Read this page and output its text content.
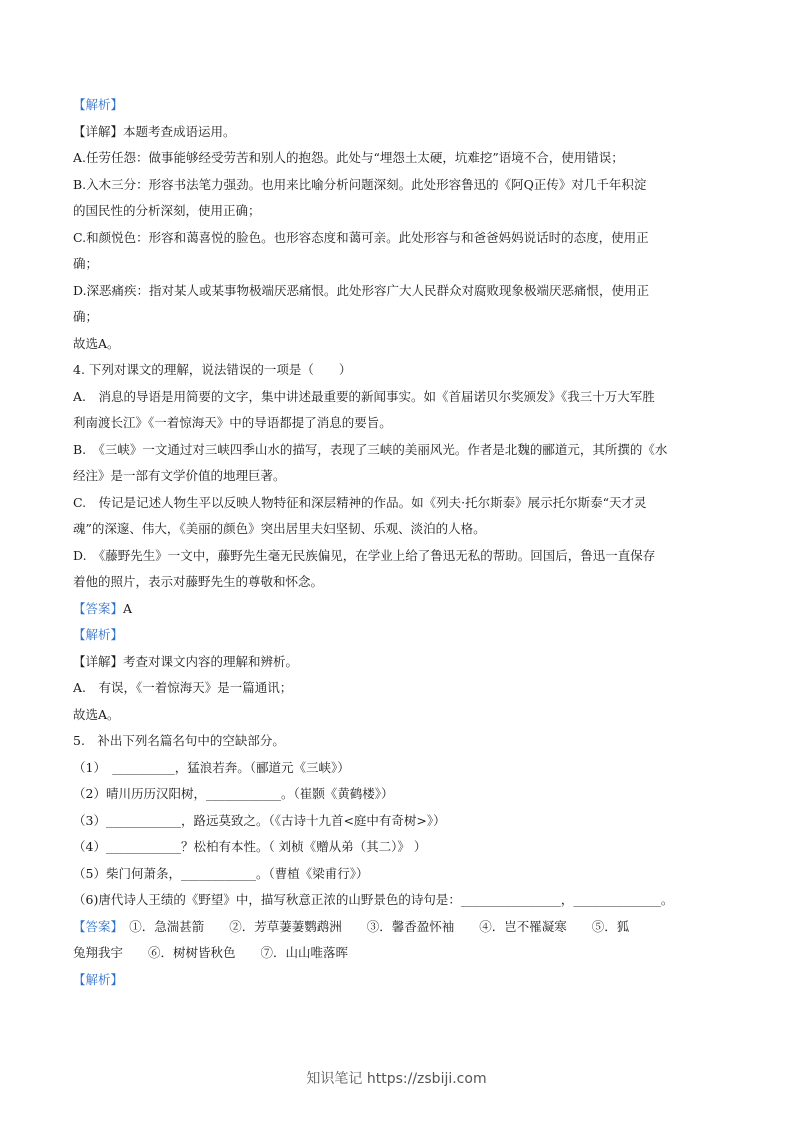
【解析】
【详解】本题考查成语运用。
A.任劳任怨：做事能够经受劳苦和别人的抱怨。此处与“埋怨土太硬，坑难挖”语境不合，使用错误；
B.入木三分：形容书法笔力强劲。也用来比喻分析问题深刻。此处形容鲁迅的《阿Q正传》对几千年积淀
的国民性的分析深刻，使用正确；
C.和颜悦色：形容和蔼喜悦的脸色。也形容态度和蔼可亲。此处形容与和爸爸妈妈说话时的态度，使用正
确；
D.深恶痛疾：指对某人或某事物极端厌恶痛恨。此处形容广大人民群众对腐败现象极端厌恶痛恨，使用正
确；
故选A。
4. 下列对课文的理解，说法错误的一项是（　　）
A.　消息的导语是用简要的文字，集中讲述最重要的新闻事实。如《首届诺贝尔奖颁发》《我三十万大军胜
利南渡长江》《一着惊海天》中的导语都提了消息的要旨。
B.　《三峡》一文通过对三峡四季山水的描写，表现了三峡的美丽风光。作者是北魏的郦道元，其所撰的《水
经注》是一部有文学价值的地理巨著。
C.　传记是记述人物生平以反映人物特征和深层精神的作品。如《列夫·托尔斯泰》展示托尔斯泰“天才灵
魂”的深邃、伟大，《美丽的颜色》突出居里夫妇坚韧、乐观、淡泊的人格。
D.　《藤野先生》一文中，藤野先生毫无民族偏见，在学业上给了鲁迅无私的帮助。回国后，鲁迅一直保存
着他的照片，表示对藤野先生的尊敬和怀念。
【答案】A
【解析】
【详解】考查对课文内容的理解和辨析。
A.　有误，《一着惊海天》是一篇通讯；
故选A。
5.　补出下列名篇名句中的空缺部分。
（1）　__________，猛浪若奔。（郦道元《三峡》）
（2）晴川历历汉阳树，____________。（崔颢《黄鹤楼》）
（3）____________，路远莫致之。（《古诗十九首<庭中有奇树>》）
（4）____________？松柏有本性。（ 刘桢《赠从弟（其二）》 ）
（5）柴门何萧条，____________。（曹植《梁甫行》）
（6)唐代诗人王绩的《野望》中，描写秋意正浓的山野景色的诗句是：________________，______________。
【答案】　①．急湍甚箭　　②．芳草萋萋鹦鹉洲　　③．馨香盈怀袖　　④．岂不罹凝寒　　⑤．狐
兔翔我宇　　⑥．树树皆秋色　　⑦．山山唯落晖
【解析】
知识笔记 https://zsbiji.com
